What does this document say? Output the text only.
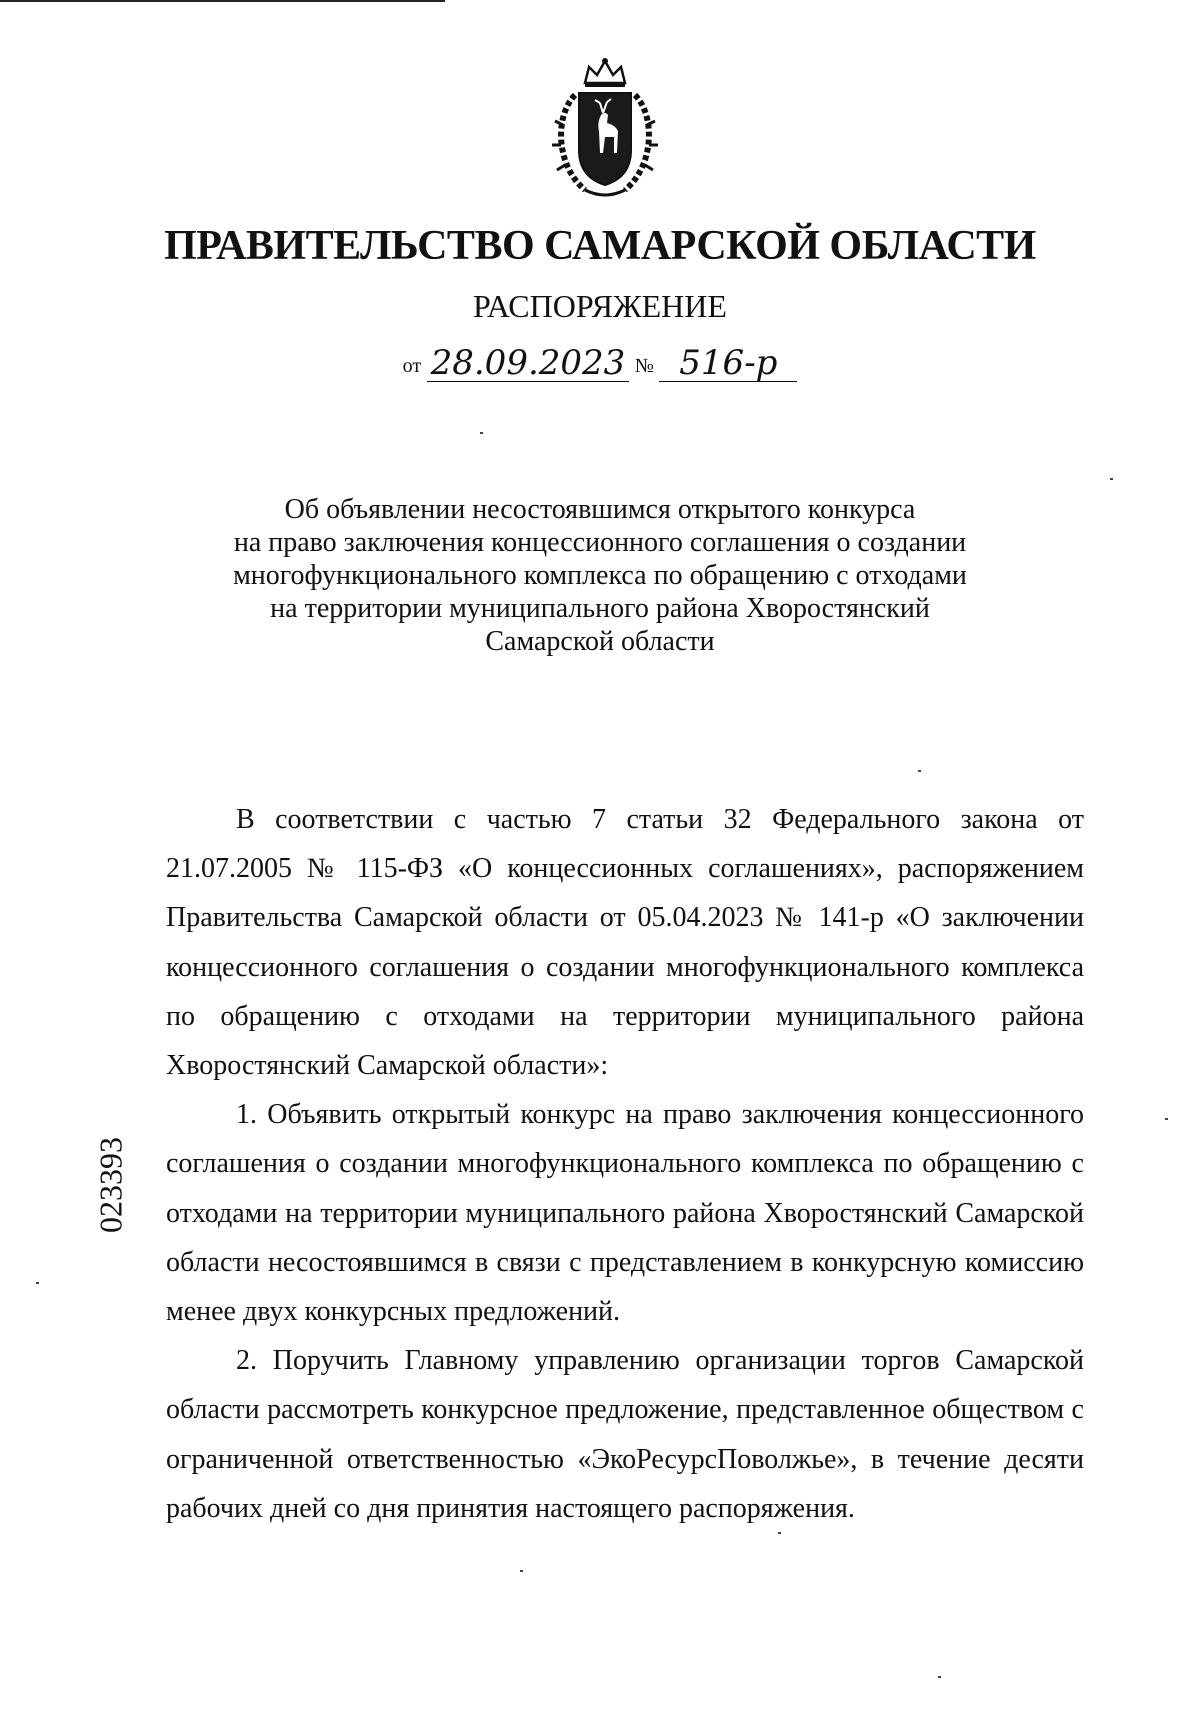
ПРАВИТЕЛЬСТВО САМАРСКОЙ ОБЛАСТИ
РАСПОРЯЖЕНИЕ
от 28.09.2023 № 516-р
Об объявлении несостоявшимся открытого конкурса
на право заключения концессионного соглашения о создании
многофункционального комплекса по обращению с отходами
на территории муниципального района Хворостянский
Самарской области

В соответствии с частью 7 статьи 32 Федерального закона от 21.07.2005 № 115-ФЗ «О концессионных соглашениях», распоряжением Правительства Самарской области от 05.04.2023 № 141-р «О заключении концессионного соглашения о создании многофункционального комплекса по обращению с отходами на территории муниципального района Хворостянский Самарской области»:

1. Объявить открытый конкурс на право заключения концессионного соглашения о создании многофункционального комплекса по обращению с отходами на территории муниципального района Хворостянский Самарской области несостоявшимся в связи с представлением в конкурсную комиссию менее двух конкурсных предложений.

2. Поручить Главному управлению организации торгов Самарской области рассмотреть конкурсное предложение, представленное обществом с ограниченной ответственностью «ЭкоРесурсПоволжье», в течение десяти рабочих дней со дня принятия настоящего распоряжения.

023393
